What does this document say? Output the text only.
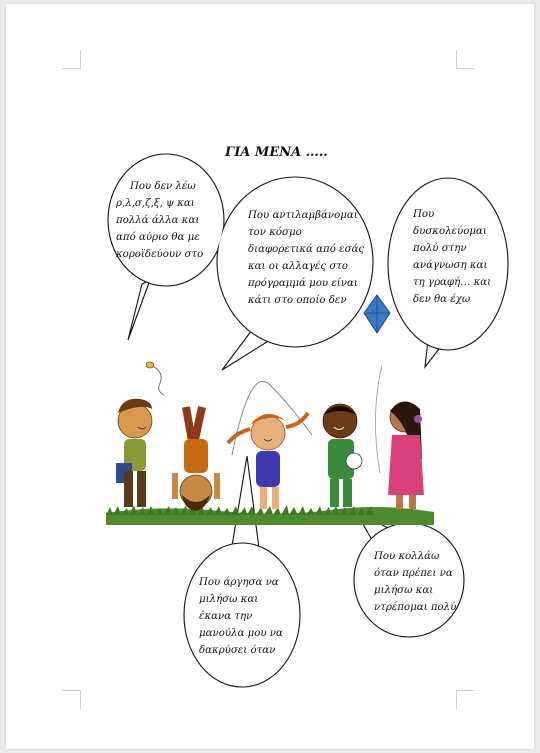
ΓΙΑ ΜΕΝΑ …..
Που δεν λέω
ρ,λ,σ,ζ,ξ, ψ και
πολλά άλλα και
από αύριο θα με
κοροϊδεύουν στο
Που αντιλαμβάνομαι
τον κόσμο
διαφορετικά από εσάς
και οι αλλαγές στο
πρόγραμμά μου είναι
κάτι στο οποίο δεν
Που
δυσκολεύομαι
πολύ στην
ανάγνωση και
τη γραφή… και
δεν θα έχω
Που άργησα να
μιλήσω και
έκανα την
μανούλα μου να
δακρύσει όταν
Που κολλάω
όταν πρέπει να
μιλήσω και
ντρέπομαι πολύ
